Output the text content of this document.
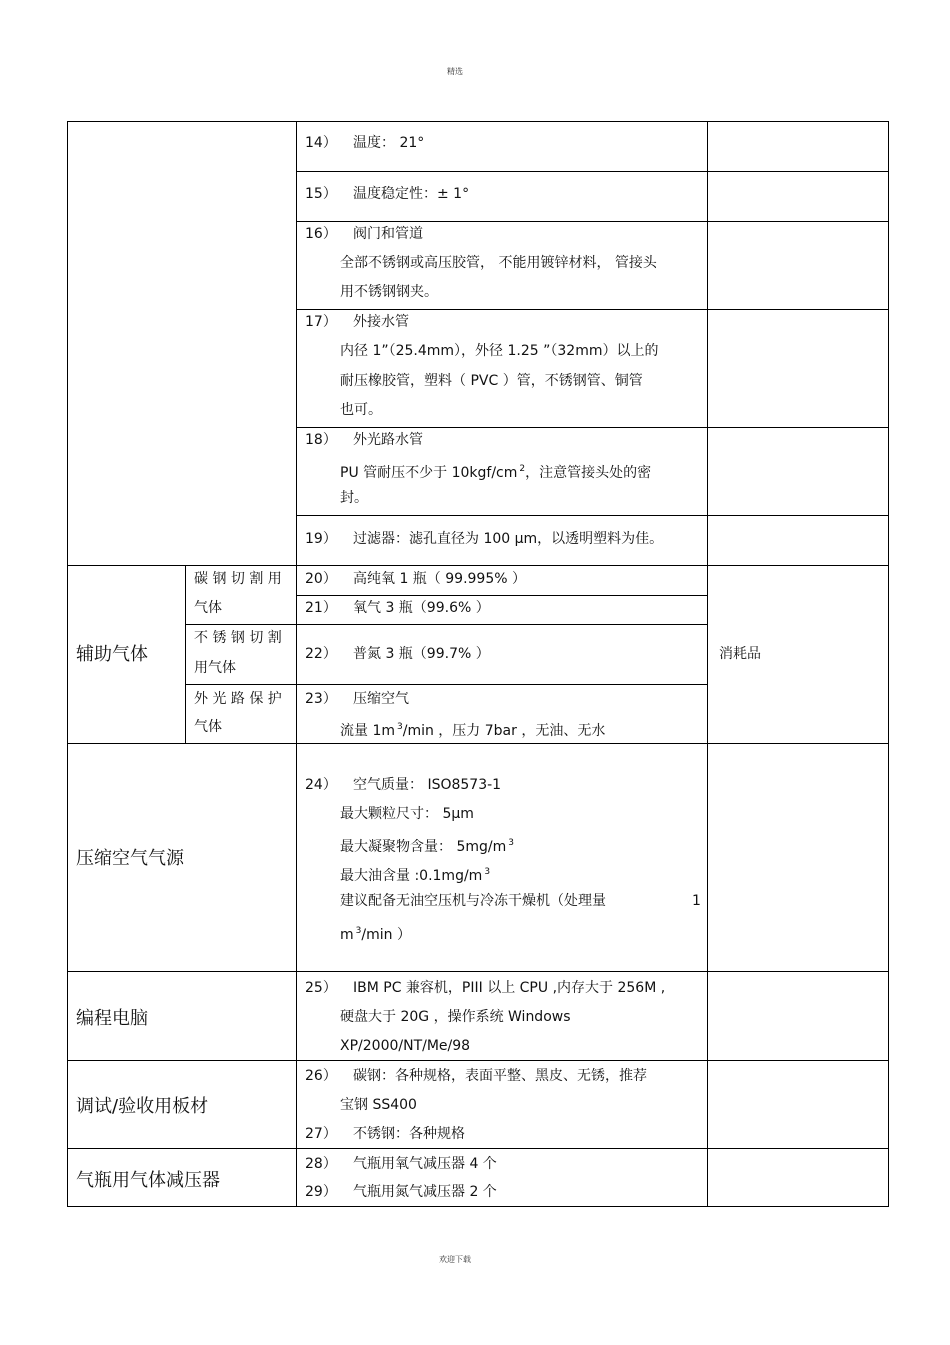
精选
14） 温度： 21°
15） 温度稳定性：± 1°
16） 阀门和管道
全部不锈钢或高压胶管， 不能用镀锌材料， 管接头
用不锈钢钢夹。
17） 外接水管
内径 1”（25.4mm），外径 1.25 ”（32mm）以上的
耐压橡胶管，塑料（ PVC ）管，不锈钢管、铜管
也可。
18） 外光路水管
PU 管耐压不少于 10kgf/cm $^2$，注意管接头处的密
封。
19） 过滤器：滤孔直径为 100 μm，以透明塑料为佳。
辅助气体
碳 钢 切 割 用
气体
不 锈 钢 切 割
用气体
外 光 路 保 护
气体
20） 高纯氧 1 瓶（ 99.995% ）
21） 氧气 3 瓶（99.6% ）
22） 普氮 3 瓶（99.7% ）
23） 压缩空气
流量 1m $^3$/min ，压力 7bar ，无油、无水
消耗品
压缩空气气源
24） 空气质量： ISO8573-1
最大颗粒尺寸： 5μm
最大凝聚物含量： 5mg/m $^3$
最大油含量 :0.1mg/m $^3$
建议配备无油空压机与冷冻干燥机（处理量	1
m $^3$/min ）
编程电脑
25） IBM PC 兼容机，PIII 以上 CPU ,内存大于 256M ,
硬盘大于 20G ，操作系统 Windows
XP/2000/NT/Me/98
调试/验收用板材
26） 碳钢：各种规格，表面平整、黑皮、无锈，推荐
宝钢 SS400
27） 不锈钢：各种规格
气瓶用气体减压器
28） 气瓶用氧气减压器 4 个
29） 气瓶用氮气减压器 2 个
欢迎下载
